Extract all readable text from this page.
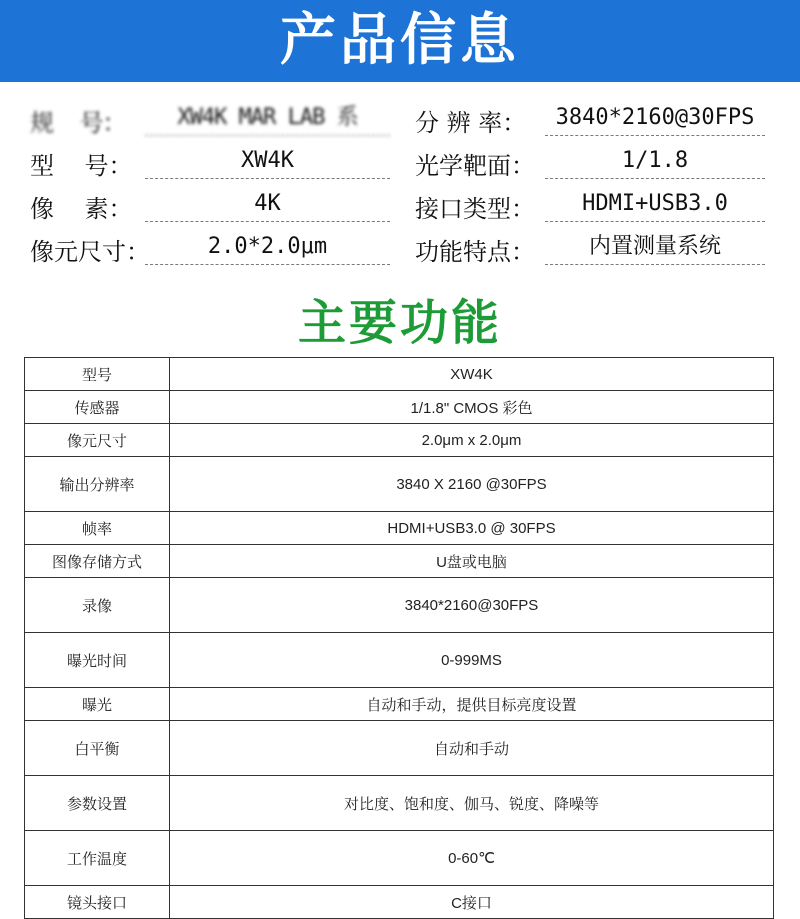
产品信息
规    号：	XW4K MAR LAB 系
型    号：	XW4K
像    素：	4K
像元尺寸：	2.0*2.0μm
分 辨 率：	3840*2160@30FPS
光学靶面：	1/1.8
接口类型：	HDMI+USB3.0
功能特点：	内置测量系统
主要功能
型号	XW4K
传感器	1/1.8" CMOS 彩色
像元尺寸	2.0μm x 2.0μm
输出分辨率	3840 X 2160 @30FPS
帧率	HDMI+USB3.0 @ 30FPS
图像存储方式	U盘或电脑
录像	3840*2160@30FPS
曝光时间	0-999MS
曝光	自动和手动，提供目标亮度设置
白平衡	自动和手动
参数设置	对比度、饱和度、伽马、锐度、降噪等
工作温度	0-60℃
镜头接口	C接口
